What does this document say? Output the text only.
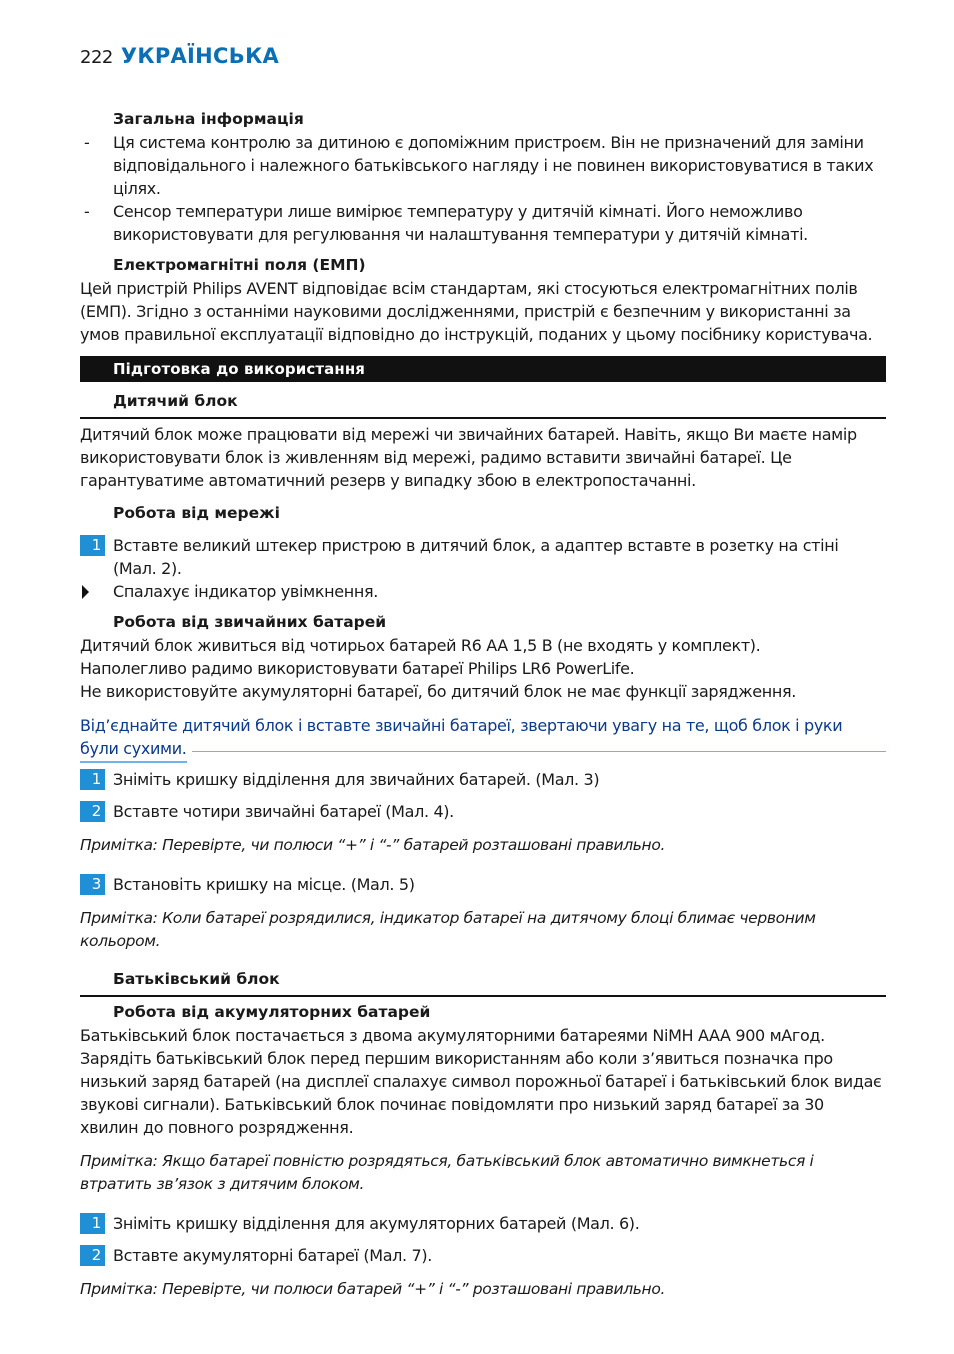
222 УКРАЇНСЬКА

Загальна інформація

- Ця система контролю за дитиною є допоміжним пристроєм. Він не призначений для заміни відповідального і належного батьківського нагляду і не повинен використовуватися в таких цілях.
- Сенсор температури лише вимірює температуру у дитячій кімнаті. Його неможливо використовувати для регулювання чи налаштування температури у дитячій кімнаті.

Електромагнітні поля (ЕМП)

Цей пристрій Philips AVENT відповідає всім стандартам, які стосуються електромагнітних полів (ЕМП). Згідно з останніми науковими дослідженнями, пристрій є безпечним у використанні за умов правильної експлуатації відповідно до інструкцій, поданих у цьому посібнику користувача.

Підготовка до використання
Дитячий блок

Дитячий блок може працювати від мережі чи звичайних батарей. Навіть, якщо Ви маєте намір використовувати блок із живленням від мережі, радимо вставити звичайні батареї. Це гарантуватиме автоматичний резерв у випадку збою в електропостачанні.

Робота від мережі

1 Вставте великий штекер пристрою в дитячий блок, а адаптер вставте в розетку на стіні (Мал. 2).
Спалахує індикатор увімкнення.

Робота від звичайних батарей

Дитячий блок живиться від чотирьох батарей R6 AA 1,5 В (не входять у комплект).

Наполегливо радимо використовувати батареї Philips LR6 PowerLife.

Не використовуйте акумуляторні батареї, бо дитячий блок не має функції зарядження.

Від’єднайте дитячий блок і вставте звичайні батареї, звертаючи увагу на те, щоб блок і руки
були сухими.
1 Зніміть кришку відділення для звичайних батарей. (Мал. 3)
2 Вставте чотири звичайні батареї (Мал. 4).

Примітка: Перевірте, чи полюси “+” і “-” батарей розташовані правильно.

3 Встановіть кришку на місце. (Мал. 5)

Примітка: Коли батареї розрядилися, індикатор батареї на дитячому блоці блимає червоним кольором.

Батьківський блок

Робота від акумуляторних батарей

Батьківський блок постачається з двома акумуляторними батареями NiMH AAA 900 мАгод. Зарядіть батьківський блок перед першим використанням або коли з’явиться позначка про низький заряд батарей (на дисплеї спалахує символ порожньої батареї і батьківський блок видає звукові сигнали). Батьківський блок починає повідомляти про низький заряд батареї за 30 хвилин до повного розрядження.

Примітка: Якщо батареї повністю розрядяться, батьківський блок автоматично вимкнеться і втратить зв’язок з дитячим блоком.

1 Зніміть кришку відділення для акумуляторних батарей (Мал. 6).
2 Вставте акумуляторні батареї (Мал. 7).

Примітка: Перевірте, чи полюси батарей “+” і “-” розташовані правильно.
